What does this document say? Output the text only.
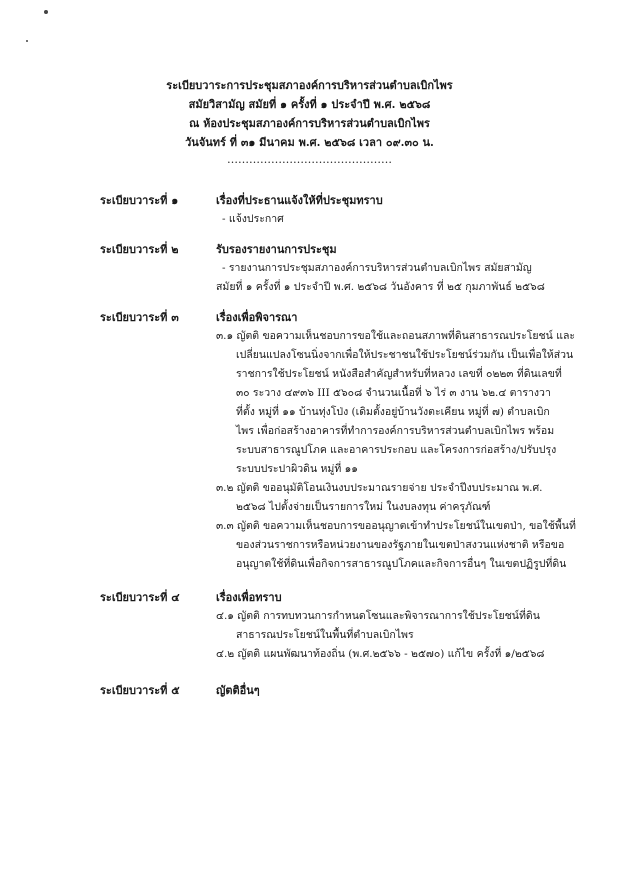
ระเบียบวาระการประชุมสภาองค์การบริหารส่วนตำบลเบิกไพร
สมัยวิสามัญ สมัยที่ ๑ ครั้งที่ ๑ ประจำปี พ.ศ. ๒๕๖๘
ณ ห้องประชุมสภาองค์การบริหารส่วนตำบลเบิกไพร
วันจันทร์ ที่ ๓๑ มีนาคม พ.ศ. ๒๕๖๘ เวลา ๐๙.๓๐ น.
………………………………………
ระเบียบวาระที่ ๑	เรื่องที่ประธานแจ้งให้ที่ประชุมทราบ
- แจ้งประกาศ
ระเบียบวาระที่ ๒	รับรองรายงานการประชุม
- รายงานการประชุมสภาองค์การบริหารส่วนตำบลเบิกไพร สมัยสามัญ
สมัยที่ ๑ ครั้งที่ ๑ ประจำปี พ.ศ. ๒๕๖๘ วันอังคาร ที่ ๒๕ กุมภาพันธ์ ๒๕๖๘
ระเบียบวาระที่ ๓	เรื่องเพื่อพิจารณา
๓.๑ ญัตติ ขอความเห็นชอบการขอใช้และถอนสภาพที่ดินสาธารณประโยชน์ และ
เปลี่ยนแปลงโซนนิ่งจากเพื่อให้ประชาชนใช้ประโยชน์ร่วมกัน เป็นเพื่อให้ส่วน
ราชการใช้ประโยชน์ หนังสือสำคัญสำหรับที่หลวง เลขที่ ๐๒๒๓ ที่ดินเลขที่
๓๐ ระวาง ๔๙๓๖ III ๕๖๐๘ จำนวนเนื้อที่ ๖ ไร่ ๓ งาน ๖๒.๔ ตารางวา
ที่ตั้ง หมู่ที่ ๑๑ บ้านทุ่งโป่ง (เดิมตั้งอยู่บ้านวังตะเคียน หมู่ที่ ๗) ตำบลเบิก
ไพร เพื่อก่อสร้างอาคารที่ทำการองค์การบริหารส่วนตำบลเบิกไพร พร้อม
ระบบสาธารณูปโภค และอาคารประกอบ และโครงการก่อสร้าง/ปรับปรุง
ระบบประปาผิวดิน หมู่ที่ ๑๑
๓.๒ ญัตติ ขออนุมัติโอนเงินงบประมาณรายจ่าย ประจำปีงบประมาณ พ.ศ.
๒๕๖๘ ไปตั้งจ่ายเป็นรายการใหม่ ในงบลงทุน ค่าครุภัณฑ์
๓.๓ ญัตติ ขอความเห็นชอบการขออนุญาตเข้าทำประโยชน์ในเขตป่า, ขอใช้พื้นที่
ของส่วนราชการหรือหน่วยงานของรัฐภายในเขตป่าสงวนแห่งชาติ หรือขอ
อนุญาตใช้ที่ดินเพื่อกิจการสาธารณูปโภคและกิจการอื่นๆ ในเขตปฏิรูปที่ดิน
ระเบียบวาระที่ ๔	เรื่องเพื่อทราบ
๔.๑ ญัตติ การทบทวนการกำหนดโซนและพิจารณาการใช้ประโยชน์ที่ดิน
สาธารณประโยชน์ในพื้นที่ตำบลเบิกไพร
๔.๒ ญัตติ แผนพัฒนาท้องถิ่น (พ.ศ.๒๕๖๖ - ๒๕๗๐) แก้ไข ครั้งที่ ๑/๒๕๖๘
ระเบียบวาระที่ ๕	ญัตติอื่นๆ
